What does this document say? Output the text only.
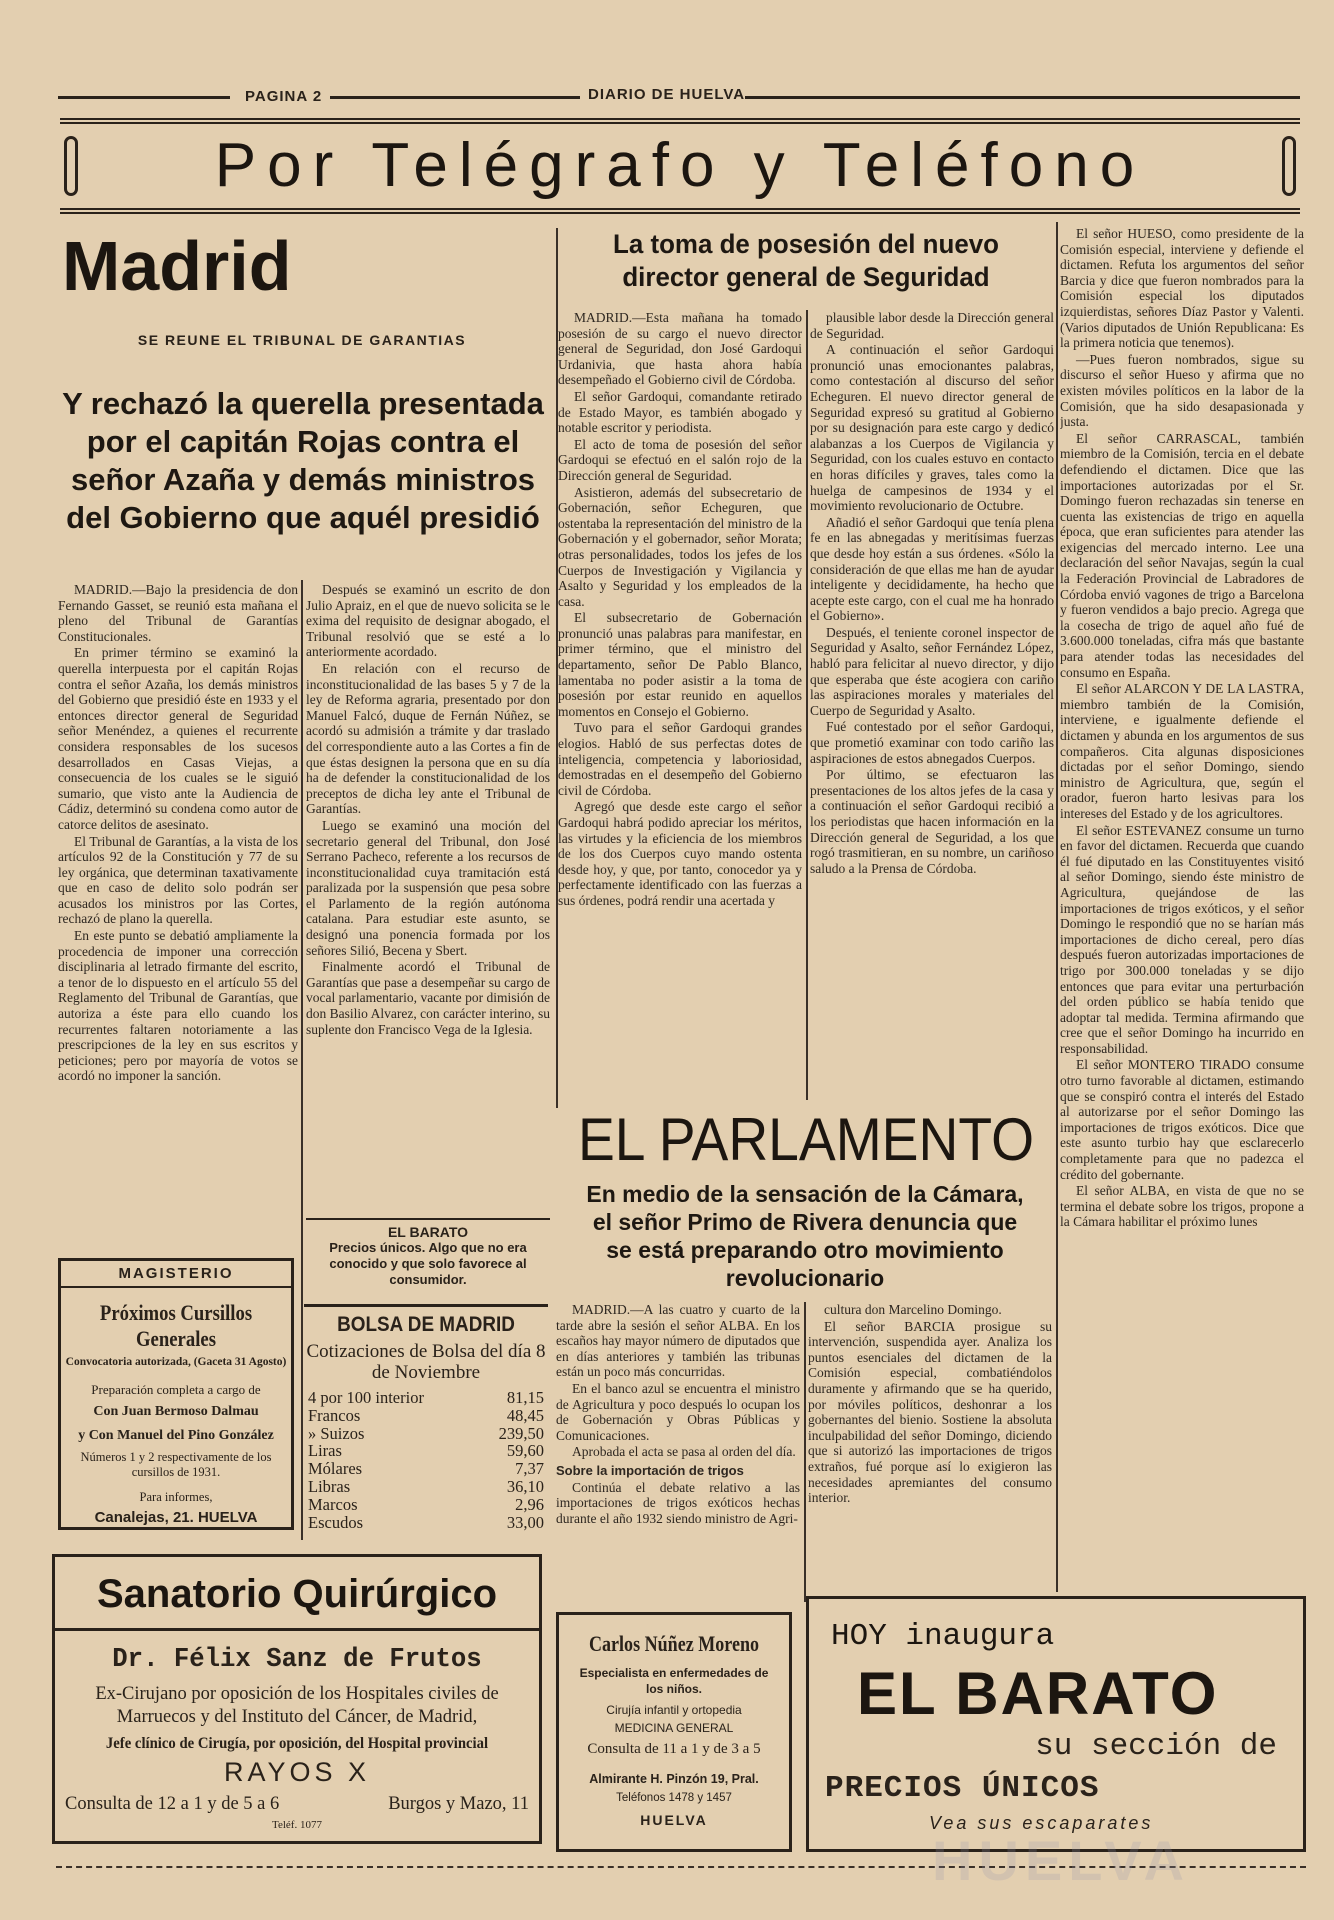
PAGINA 2	DIARIO DE HUELVA
Por Telégrafo y Teléfono
Madrid
SE REUNE EL TRIBUNAL DE GARANTIAS
Y rechazó la querella presentada por el capitán Rojas contra el señor Azaña y demás ministros del Gobierno que aquél presidió

MADRID.—Bajo la presidencia de don Fernando Gasset, se reunió esta mañana el pleno del Tribunal de Garantías Constitucionales.

En primer término se examinó la querella interpuesta por el capitán Rojas contra el señor Azaña, los demás ministros del Gobierno que presidió éste en 1933 y el entonces director general de Seguridad señor Menéndez, a quienes el recurrente considera responsables de los sucesos desarrollados en Casas Viejas, a consecuencia de los cuales se le siguió sumario, que visto ante la Audiencia de Cádiz, determinó su condena como autor de catorce delitos de asesinato.

El Tribunal de Garantías, a la vista de los artículos 92 de la Constitución y 77 de su ley orgánica, que determinan taxativamente que en caso de delito solo podrán ser acusados los ministros por las Cortes, rechazó de plano la querella.

En este punto se debatió ampliamente la procedencia de imponer una corrección disciplinaria al letrado firmante del escrito, a tenor de lo dispuesto en el artículo 55 del Reglamento del Tribunal de Garantías, que autoriza a éste para ello cuando los recurrentes faltaren notoriamente a las prescripciones de la ley en sus escritos y peticiones; pero por mayoría de votos se acordó no imponer la sanción.

Después se examinó un escrito de don Julio Apraiz, en el que de nuevo solicita se le exima del requisito de designar abogado, el Tribunal resolvió que se esté a lo anteriormente acordado.

En relación con el recurso de inconstitucionalidad de las bases 5 y 7 de la ley de Reforma agraria, presentado por don Manuel Falcó, duque de Fernán Núñez, se acordó su admisión a trámite y dar traslado del correspondiente auto a las Cortes a fin de que éstas designen la persona que en su día ha de defender la constitucionalidad de los preceptos de dicha ley ante el Tribunal de Garantías.

Luego se examinó una moción del secretario general del Tribunal, don José Serrano Pacheco, referente a los recursos de inconstitucionalidad cuya tramitación está paralizada por la suspensión que pesa sobre el Parlamento de la región autónoma catalana. Para estudiar este asunto, se designó una ponencia formada por los señores Silió, Becena y Sbert.

Finalmente acordó el Tribunal de Garantías que pase a desempeñar su cargo de vocal parlamentario, vacante por dimisión de don Basilio Alvarez, con carácter interino, su suplente don Francisco Vega de la Iglesia.

EL BARATO
Precios únicos. Algo que no era conocido y que solo favorece al consumidor.
MAGISTERIO
Próximos Cursillos Generales
Convocatoria autorizada, (Gaceta 31 Agosto)
Preparación completa a cargo de
Con Juan Bermoso Dalmau
y Con Manuel del Pino González
Números 1 y 2 respectivamente de los cursillos de 1931.
Para informes,
Canalejas, 21. HUELVA
BOLSA DE MADRID
Cotizaciones de Bolsa del día 8 de Noviembre
4 por 100 interior	81,15
Francos	48,45
» Suizos	239,50
Liras	59,60
Mólares	7,37
Libras	36,10
Marcos	2,96
Escudos	33,00
Sanatorio Quirúrgico
Dr. Félix Sanz de Frutos
Ex-Cirujano por oposición de los Hospitales civiles de Marruecos y del Instituto del Cáncer, de Madrid,
Jefe clínico de Cirugía, por oposición, del Hospital provincial
RAYOS X
Consulta de 12 a 1 y de 5 a 6	Burgos y Mazo, 11
Teléf. 1077
La toma de posesión del nuevo director general de Seguridad

MADRID.—Esta mañana ha tomado posesión de su cargo el nuevo director general de Seguridad, don José Gardoqui Urdanivia, que hasta ahora había desempeñado el Gobierno civil de Córdoba.

El señor Gardoqui, comandante retirado de Estado Mayor, es también abogado y notable escritor y periodista.

El acto de toma de posesión del señor Gardoqui se efectuó en el salón rojo de la Dirección general de Seguridad.

Asistieron, además del subsecretario de Gobernación, señor Echeguren, que ostentaba la representación del ministro de la Gobernación y el gobernador, señor Morata; otras personalidades, todos los jefes de los Cuerpos de Investigación y Vigilancia y Asalto y Seguridad y los empleados de la casa.

El subsecretario de Gobernación pronunció unas palabras para manifestar, en primer término, que el ministro del departamento, señor De Pablo Blanco, lamentaba no poder asistir a la toma de posesión por estar reunido en aquellos momentos en Consejo el Gobierno.

Tuvo para el señor Gardoqui grandes elogios. Habló de sus perfectas dotes de inteligencia, competencia y laboriosidad, demostradas en el desempeño del Gobierno civil de Córdoba.

Agregó que desde este cargo el señor Gardoqui habrá podido apreciar los méritos, las virtudes y la eficiencia de los miembros de los dos Cuerpos cuyo mando ostenta desde hoy, y que, por tanto, conocedor ya y perfectamente identificado con las fuerzas a sus órdenes, podrá rendir una acertada y

plausible labor desde la Dirección general de Seguridad.

A continuación el señor Gardoqui pronunció unas emocionantes palabras, como contestación al discurso del señor Echeguren. El nuevo director general de Seguridad expresó su gratitud al Gobierno por su designación para este cargo y dedicó alabanzas a los Cuerpos de Vigilancia y Seguridad, con los cuales estuvo en contacto en horas difíciles y graves, tales como la huelga de campesinos de 1934 y el movimiento revolucionario de Octubre.

Añadió el señor Gardoqui que tenía plena fe en las abnegadas y meritísimas fuerzas que desde hoy están a sus órdenes. «Sólo la consideración de que ellas me han de ayudar inteligente y decididamente, ha hecho que acepte este cargo, con el cual me ha honrado el Gobierno».

Después, el teniente coronel inspector de Seguridad y Asalto, señor Fernández López, habló para felicitar al nuevo director, y dijo que esperaba que éste acogiera con cariño las aspiraciones morales y materiales del Cuerpo de Seguridad y Asalto.

Fué contestado por el señor Gardoqui, que prometió examinar con todo cariño las aspiraciones de estos abnegados Cuerpos.

Por último, se efectuaron las presentaciones de los altos jefes de la casa y a continuación el señor Gardoqui recibió a los periodistas que hacen información en la Dirección general de Seguridad, a los que rogó trasmitieran, en su nombre, un cariñoso saludo a la Prensa de Córdoba.

EL PARLAMENTO
En medio de la sensación de la Cámara, el señor Primo de Rivera denuncia que se está preparando otro movimiento revolucionario

MADRID.—A las cuatro y cuarto de la tarde abre la sesión el señor ALBA. En los escaños hay mayor número de diputados que en días anteriores y también las tribunas están un poco más concurridas.

En el banco azul se encuentra el ministro de Agricultura y poco después lo ocupan los de Gobernación y Obras Públicas y Comunicaciones.

Aprobada el acta se pasa al orden del día.

Sobre la importación de trigos

Continúa el debate relativo a las importaciones de trigos exóticos hechas durante el año 1932 siendo ministro de Agri-

cultura don Marcelino Domingo.

El señor BARCIA prosigue su intervención, suspendida ayer. Analiza los puntos esenciales del dictamen de la Comisión especial, combatiéndolos duramente y afirmando que se ha querido, por móviles políticos, deshonrar a los gobernantes del bienio. Sostiene la absoluta inculpabilidad del señor Domingo, diciendo que si autorizó las importaciones de trigos extraños, fué porque así lo exigieron las necesidades apremiantes del consumo interior.

El señor HUESO, como presidente de la Comisión especial, interviene y defiende el dictamen. Refuta los argumentos del señor Barcia y dice que fueron nombrados para la Comisión especial los diputados izquierdistas, señores Díaz Pastor y Valenti. (Varios diputados de Unión Republicana: Es la primera noticia que tenemos).

—Pues fueron nombrados, sigue su discurso el señor Hueso y afirma que no existen móviles políticos en la labor de la Comisión, que ha sido desapasionada y justa.

El señor CARRASCAL, también miembro de la Comisión, tercia en el debate defendiendo el dictamen. Dice que las importaciones autorizadas por el Sr. Domingo fueron rechazadas sin tenerse en cuenta las existencias de trigo en aquella época, que eran suficientes para atender las exigencias del mercado interno. Lee una declaración del señor Navajas, según la cual la Federación Provincial de Labradores de Córdoba envió vagones de trigo a Barcelona y fueron vendidos a bajo precio. Agrega que la cosecha de trigo de aquel año fué de 3.600.000 toneladas, cifra más que bastante para atender todas las necesidades del consumo en España.

El señor ALARCON Y DE LA LASTRA, miembro también de la Comisión, interviene, e igualmente defiende el dictamen y abunda en los argumentos de sus compañeros. Cita algunas disposiciones dictadas por el señor Domingo, siendo ministro de Agricultura, que, según el orador, fueron harto lesivas para los intereses del Estado y de los agricultores.

El señor ESTEVANEZ consume un turno en favor del dictamen. Recuerda que cuando él fué diputado en las Constituyentes visitó al señor Domingo, siendo éste ministro de Agricultura, quejándose de las importaciones de trigos exóticos, y el señor Domingo le respondió que no se harían más importaciones de dicho cereal, pero días después fueron autorizadas importaciones de trigo por 300.000 toneladas y se dijo entonces que para evitar una perturbación del orden público se había tenido que adoptar tal medida. Termina afirmando que cree que el señor Domingo ha incurrido en responsabilidad.

El señor MONTERO TIRADO consume otro turno favorable al dictamen, estimando que se conspiró contra el interés del Estado al autorizarse por el señor Domingo las importaciones de trigos exóticos. Dice que este asunto turbio hay que esclarecerlo completamente para que no padezca el crédito del gobernante.

El señor ALBA, en vista de que no se termina el debate sobre los trigos, propone a la Cámara habilitar el próximo lunes

Carlos Núñez Moreno
Especialista en enfermedades de los niños.
Cirujía infantil y ortopedia
MEDICINA GENERAL
Consulta de 11 a 1 y de 3 a 5
Almirante H. Pinzón 19, Pral.
Teléfonos 1478 y 1457
HUELVA
HOY inaugura
EL BARATO
su sección de
PRECIOS ÚNICOS
Vea sus escaparates
HUELVA
